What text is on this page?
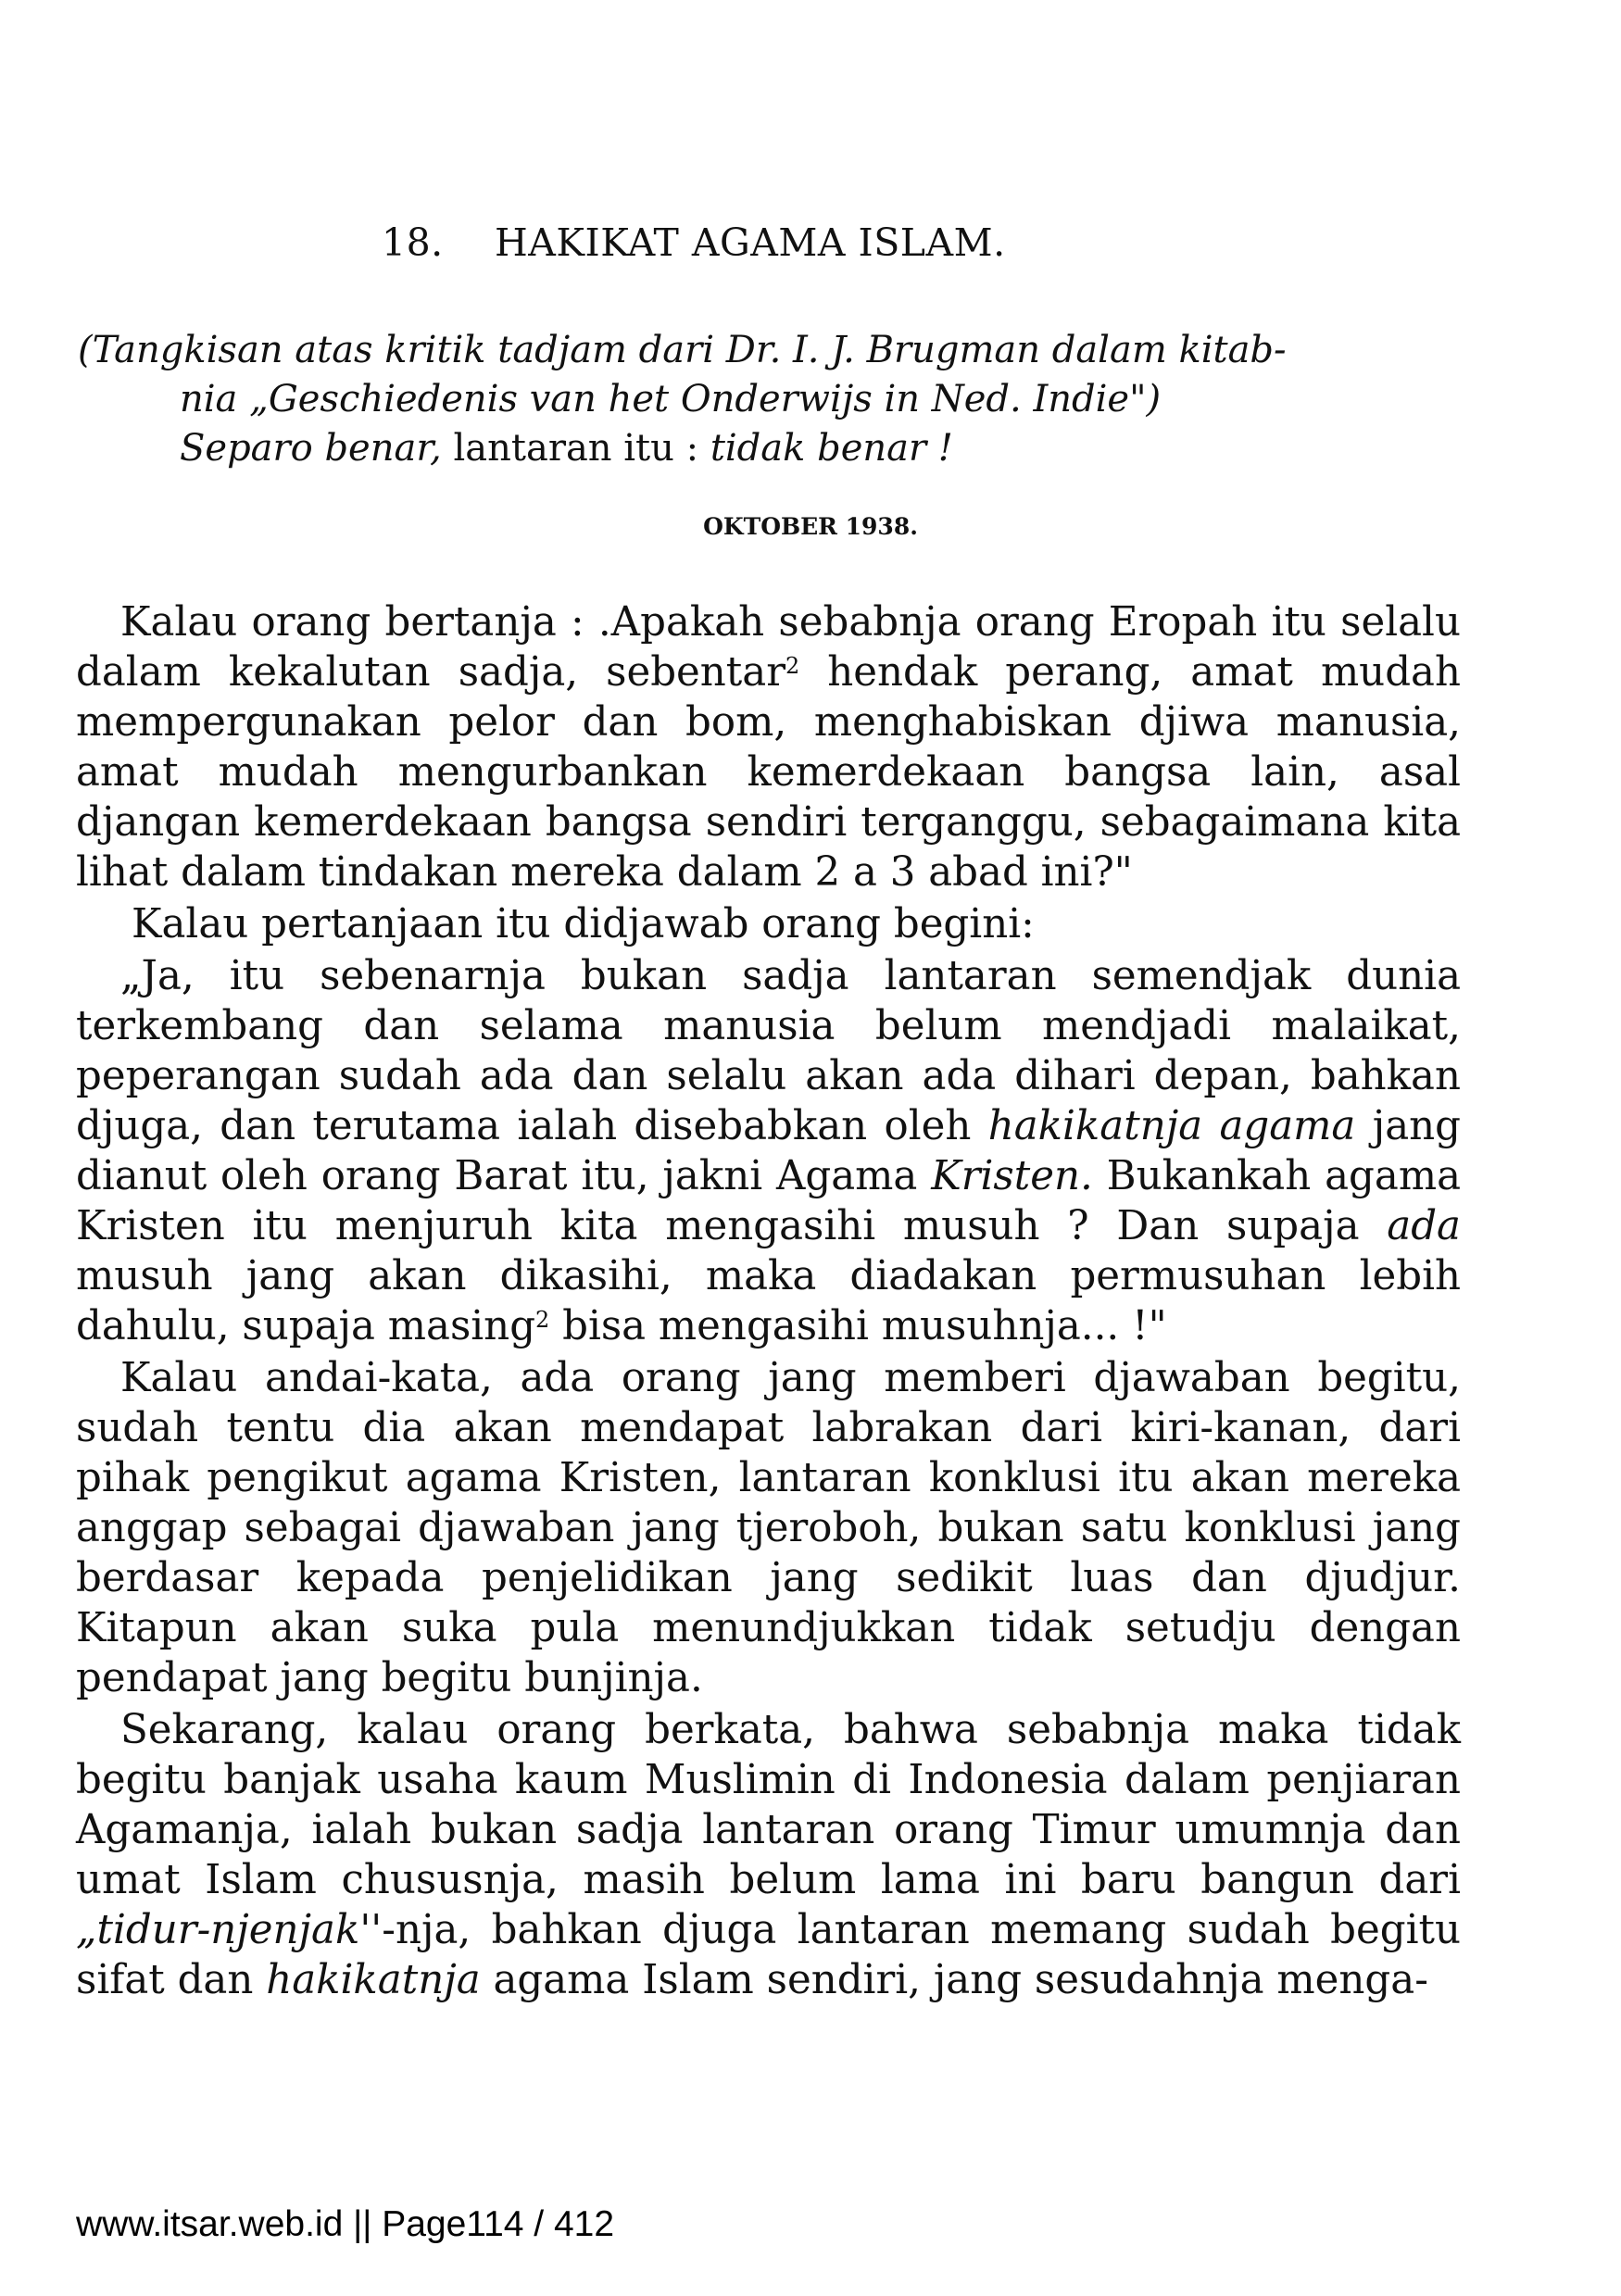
18. HAKIKAT AGAMA ISLAM.
(Tangkisan atas kritik tadjam dari Dr. I. J. Brugman dalam kitab-
nia „Geschiedenis van het Onderwijs in Ned. Indie")
Separo benar, lantaran itu : tidak benar !
OKTOBER 1938.

Kalau orang bertanja : .Apakah sebabnja orang Eropah itu selalu dalam kekalutan sadja, sebentar$^2$ hendak perang, amat mudah mempergunakan pelor dan bom, menghabiskan djiwa manusia, amat mudah mengurbankan kemerdekaan bangsa lain, asal djangan kemerdekaan bangsa sendiri terganggu, sebagaimana kita lihat dalam tindakan mereka dalam 2 a 3 abad ini?"

Kalau pertanjaan itu didjawab orang begini:

„Ja, itu sebenarnja bukan sadja lantaran semendjak dunia terkembang dan selama manusia belum mendjadi malaikat, peperangan sudah ada dan selalu akan ada dihari depan, bahkan djuga, dan terutama ialah disebabkan oleh hakikatnja agama jang dianut oleh orang Barat itu, jakni Agama Kristen. Bukankah agama Kristen itu menjuruh kita mengasihi musuh ? Dan supaja ada musuh jang akan dikasihi, maka diadakan permusuhan lebih dahulu, supaja masing$^2$ bisa mengasihi musuhnja... !"

Kalau andai-kata, ada orang jang memberi djawaban begitu, sudah tentu dia akan mendapat labrakan dari kiri-kanan, dari pihak pengikut agama Kristen, lantaran konklusi itu akan mereka anggap sebagai djawaban jang tjeroboh, bukan satu konklusi jang berdasar kepada penjelidikan jang sedikit luas dan djudjur. Kitapun akan suka pula menundjukkan tidak setudju dengan pendapat jang begitu bunjinja.

Sekarang, kalau orang berkata, bahwa sebabnja maka tidak begitu banjak usaha kaum Muslimin di Indonesia dalam penjiaran Agamanja, ialah bukan sadja lantaran orang Timur umumnja dan umat Islam chususnja, masih belum lama ini baru bangun dari „tidur-njenjak''-nja, bahkan djuga lantaran memang sudah begitu sifat dan hakikatnja agama Islam sendiri, jang sesudahnja menga-

www.itsar.web.id || Page114 / 412
